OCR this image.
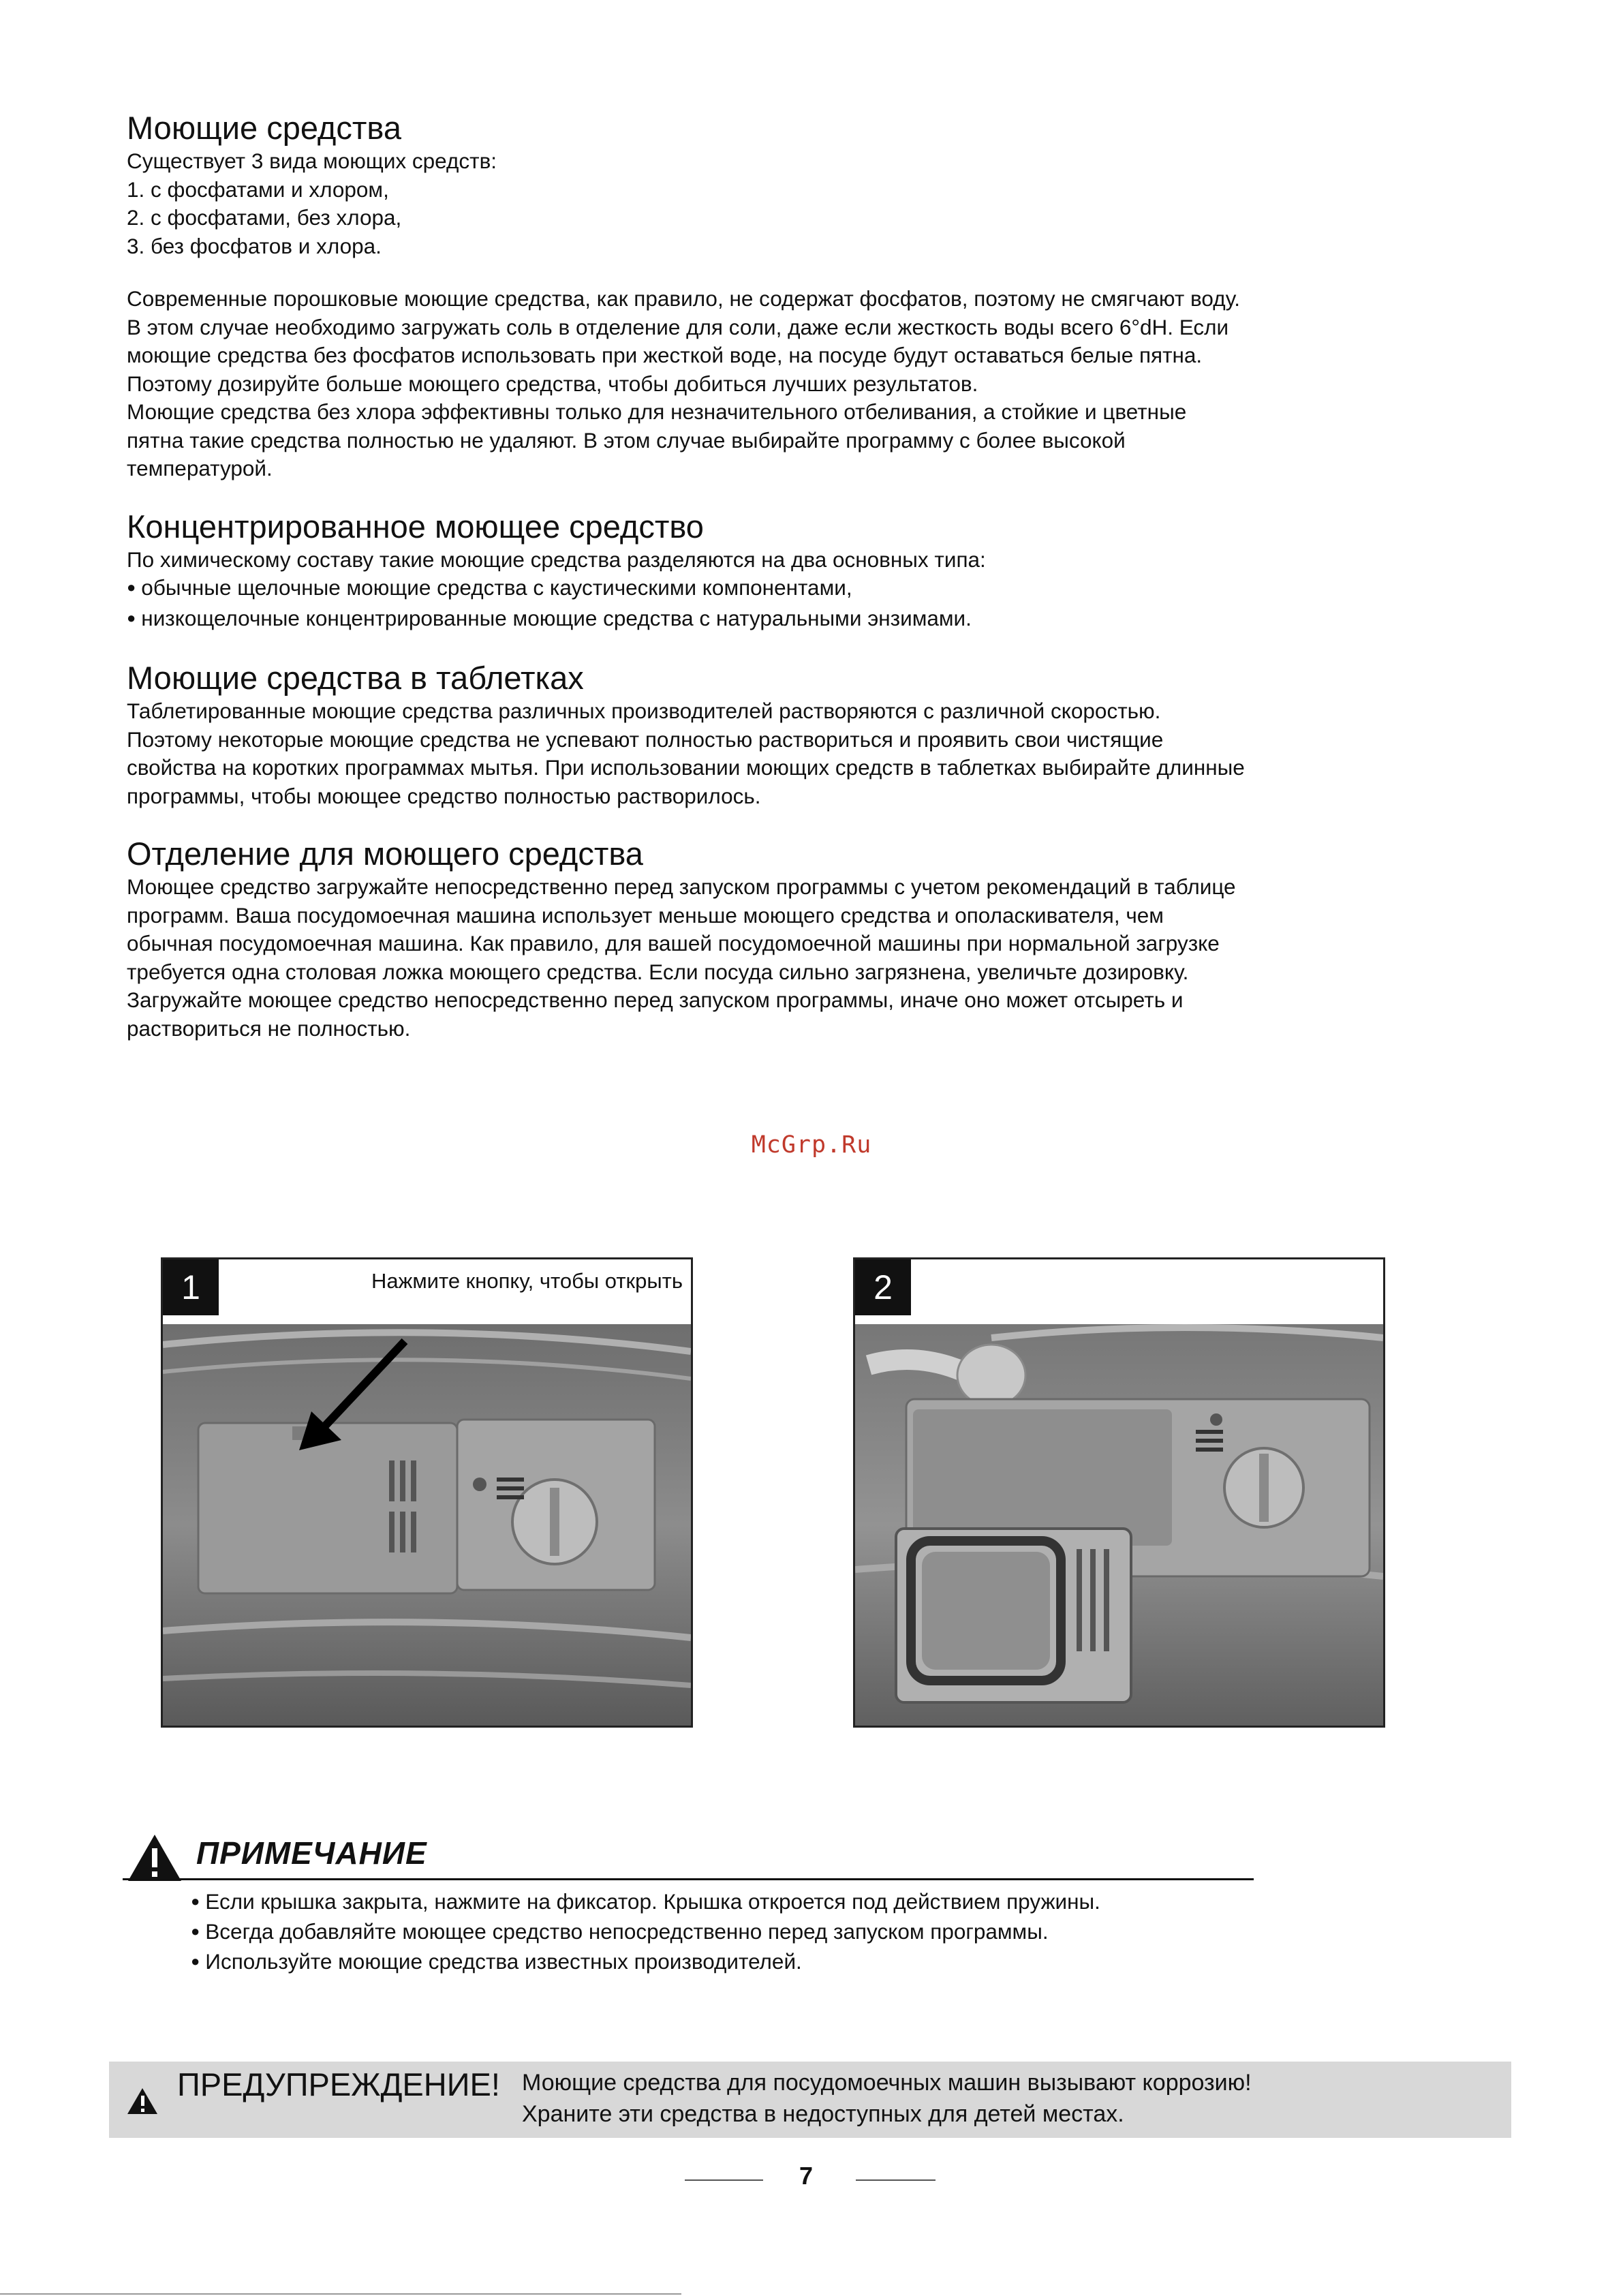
Моющие средства

Существует 3 вида моющих средств:
1. с фосфатами и хлором,
2. с фосфатами, без хлора,
3. без фосфатов и хлора.

Современные порошковые моющие средства, как правило, не содержат фосфатов, поэтому не смягчают воду.
В этом случае необходимо загружать соль в отделение для соли, даже если жесткость воды всего 6°dH. Если
моющие средства без фосфатов использовать при жесткой воде, на посуде будут оставаться белые пятна.
Поэтому дозируйте больше моющего средства, чтобы добиться лучших результатов.
Моющие средства без хлора эффективны только для незначительного отбеливания, а стойкие и цветные
пятна такие средства полностью не удаляют. В этом случае выбирайте программу с более высокой
температурой.

Концентрированное моющее средство

По химическому составу такие моющие средства разделяются на два основных типа:
● обычные щелочные моющие средства с каустическими компонентами,
● низкощелочные концентрированные моющие средства с натуральными энзимами.

Моющие средства в таблетках

Таблетированные моющие средства различных производителей растворяются с различной скоростью.
Поэтому некоторые моющие средства не успевают полностью раствориться и проявить свои чистящие
свойства на коротких программах мытья. При использовании моющих средств в таблетках выбирайте длинные
программы, чтобы моющее средство полностью растворилось.

Отделение для моющего средства

Моющее средство загружайте непосредственно перед запуском программы с учетом рекомендаций в таблице
программ. Ваша посудомоечная машина использует меньше моющего средства и ополаскивателя, чем
обычная посудомоечная машина. Как правило, для вашей посудомоечной машины при нормальной загрузке
требуется одна столовая ложка моющего средства. Если посуда сильно загрязнена, увеличьте дозировку.
Загружайте моющее средство непосредственно перед запуском программы, иначе оно может отсыреть и
раствориться не полностью.

McGrp.Ru
1	Нажмите кнопку, чтобы открыть	2
ПРИМЕЧАНИЕ
● Если крышка закрыта, нажмите на фиксатор. Крышка откроется под действием пружины.
● Всегда добавляйте моющее средство непосредственно перед запуском программы.
● Используйте моющие средства известных производителей.
ПРЕДУПРЕЖДЕНИЕ! Моющие средства для посудомоечных машин вызывают коррозию!
Храните эти средства в недоступных для детей местах.
7
